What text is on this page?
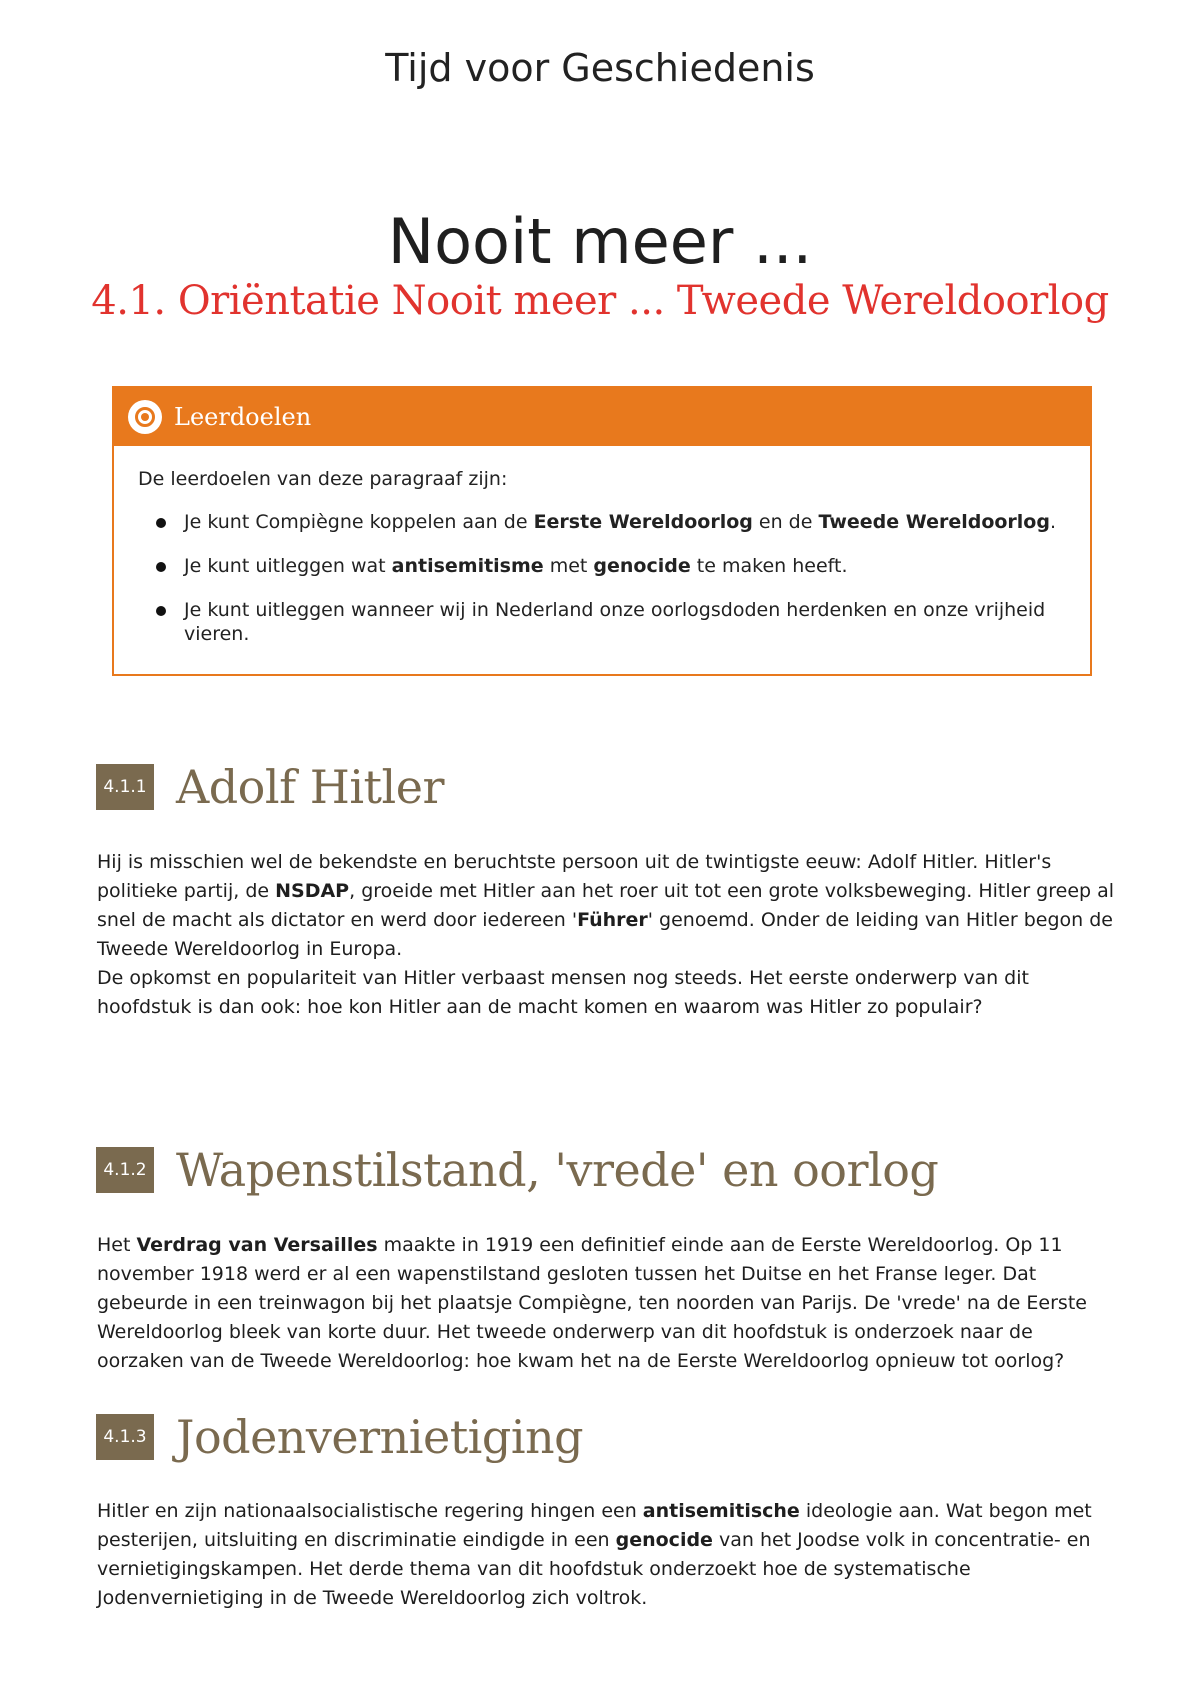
Tijd voor Geschiedenis
Nooit meer ...
4.1. Oriëntatie Nooit meer ... Tweede Wereldoorlog
Leerdoelen

De leerdoelen van deze paragraaf zijn:

Je kunt Compiègne koppelen aan de Eerste Wereldoorlog en de Tweede Wereldoorlog.
Je kunt uitleggen wat antisemitisme met genocide te maken heeft.
Je kunt uitleggen wanneer wij in Nederland onze oorlogsdoden herdenken en onze vrijheid vieren.
4.1.1 Adolf Hitler

Hij is misschien wel de bekendste en beruchtste persoon uit de twintigste eeuw: Adolf Hitler. Hitler's politieke partij, de NSDAP, groeide met Hitler aan het roer uit tot een grote volksbeweging. Hitler greep al snel de macht als dictator en werd door iedereen 'Führer' genoemd. Onder de leiding van Hitler begon de Tweede Wereldoorlog in Europa.
De opkomst en populariteit van Hitler verbaast mensen nog steeds. Het eerste onderwerp van dit hoofdstuk is dan ook: hoe kon Hitler aan de macht komen en waarom was Hitler zo populair?

4.1.2 Wapenstilstand, 'vrede' en oorlog

Het Verdrag van Versailles maakte in 1919 een definitief einde aan de Eerste Wereldoorlog. Op 11 november 1918 werd er al een wapenstilstand gesloten tussen het Duitse en het Franse leger. Dat gebeurde in een treinwagon bij het plaatsje Compiègne, ten noorden van Parijs. De 'vrede' na de Eerste Wereldoorlog bleek van korte duur. Het tweede onderwerp van dit hoofdstuk is onderzoek naar de oorzaken van de Tweede Wereldoorlog: hoe kwam het na de Eerste Wereldoorlog opnieuw tot oorlog?

4.1.3 Jodenvernietiging

Hitler en zijn nationaalsocialistische regering hingen een antisemitische ideologie aan. Wat begon met pesterijen, uitsluiting en discriminatie eindigde in een genocide van het Joodse volk in concentratie- en vernietigingskampen. Het derde thema van dit hoofdstuk onderzoekt hoe de systematische Jodenvernietiging in de Tweede Wereldoorlog zich voltrok.
